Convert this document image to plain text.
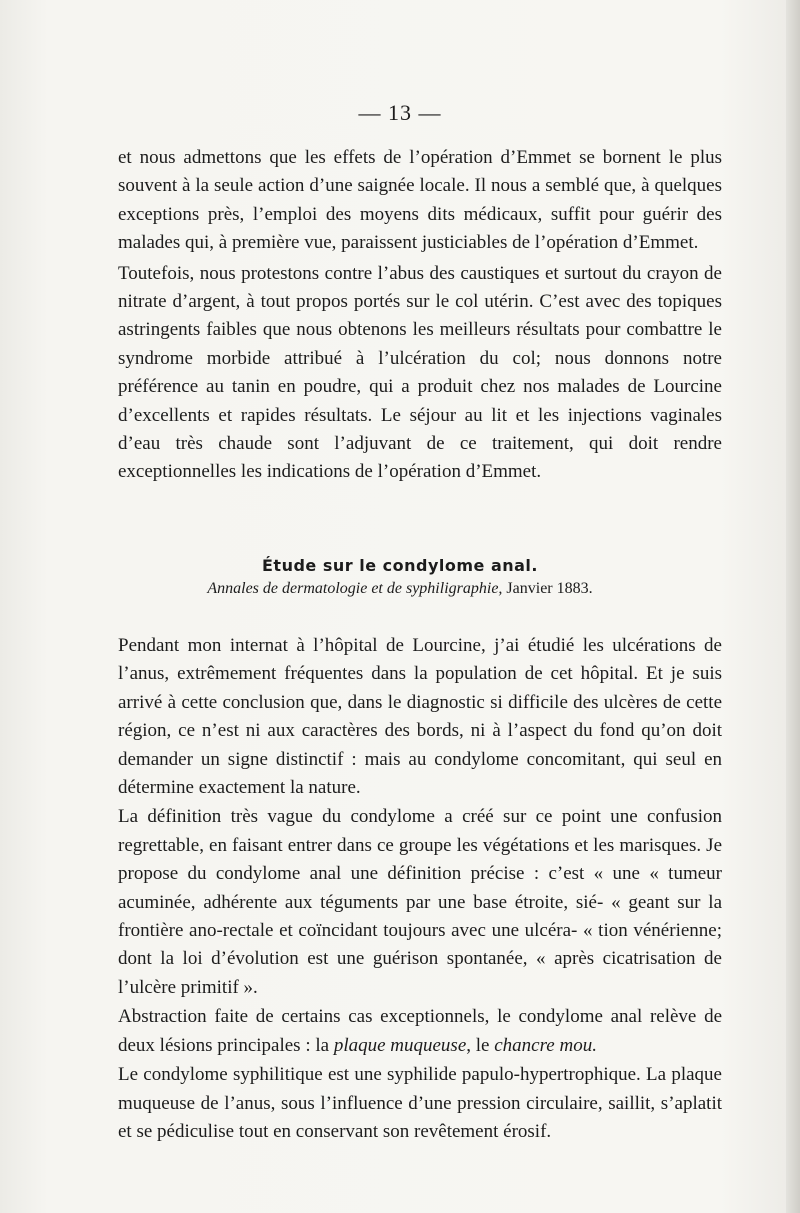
— 13 —

et nous admettons que les effets de l’opération d’Emmet se bornent le plus souvent à la seule action d’une saignée locale. Il nous a semblé que, à quelques exceptions près, l’emploi des moyens dits médicaux, suffit pour guérir des malades qui, à première vue, paraissent justiciables de l’opération d’Emmet.

Toutefois, nous protestons contre l’abus des caustiques et surtout du crayon de nitrate d’argent, à tout propos portés sur le col utérin. C’est avec des topiques astringents faibles que nous obtenons les meilleurs résultats pour combattre le syndrome morbide attribué à l’ulcération du col; nous donnons notre préférence au tanin en poudre, qui a produit chez nos malades de Lourcine d’excellents et rapides résultats. Le séjour au lit et les injections vaginales d’eau très chaude sont l’adjuvant de ce traitement, qui doit rendre exceptionnelles les indications de l’opération d’Emmet.

Étude sur le condylome anal.
Annales de dermatologie et de syphiligraphie, Janvier 1883.

Pendant mon internat à l’hôpital de Lourcine, j’ai étudié les ulcérations de l’anus, extrêmement fréquentes dans la population de cet hôpital. Et je suis arrivé à cette conclusion que, dans le diagnostic si difficile des ulcères de cette région, ce n’est ni aux caractères des bords, ni à l’aspect du fond qu’on doit demander un signe distinctif : mais au condylome concomitant, qui seul en détermine exactement la nature.

La définition très vague du condylome a créé sur ce point une confusion regrettable, en faisant entrer dans ce groupe les végétations et les marisques. Je propose du condylome anal une définition précise : c’est « une « tumeur acuminée, adhérente aux téguments par une base étroite, sié- « geant sur la frontière ano-rectale et coïncidant toujours avec une ulcéra- « tion vénérienne; dont la loi d’évolution est une guérison spontanée, « après cicatrisation de l’ulcère primitif ».

Abstraction faite de certains cas exceptionnels, le condylome anal relève de deux lésions principales : la plaque muqueuse, le chancre mou.

Le condylome syphilitique est une syphilide papulo-hypertrophique. La plaque muqueuse de l’anus, sous l’influence d’une pression circulaire, saillit, s’aplatit et se pédiculise tout en conservant son revêtement érosif.
